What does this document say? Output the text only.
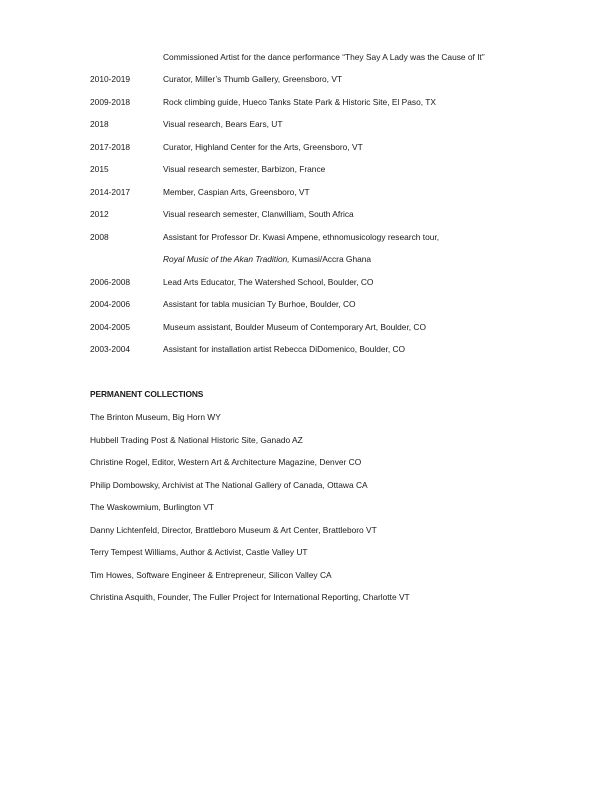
Commissioned Artist for the dance performance “They Say A Lady was the Cause of It”
2010-2019	Curator, Miller’s Thumb Gallery, Greensboro, VT
2009-2018	Rock climbing guide, Hueco Tanks State Park & Historic Site, El Paso, TX
2018	Visual research, Bears Ears, UT
2017-2018	Curator, Highland Center for the Arts, Greensboro, VT
2015	Visual research semester, Barbizon, France
2014-2017	Member, Caspian Arts, Greensboro, VT
2012	Visual research semester, Clanwilliam, South Africa
2008	Assistant for Professor Dr. Kwasi Ampene, ethnomusicology research tour,
Royal Music of the Akan Tradition, Kumasi/Accra Ghana
2006-2008	Lead Arts Educator, The Watershed School, Boulder, CO
2004-2006	Assistant for tabla musician Ty Burhoe, Boulder, CO
2004-2005	Museum assistant, Boulder Museum of Contemporary Art, Boulder, CO
2003-2004	Assistant for installation artist Rebecca DiDomenico, Boulder, CO
PERMANENT COLLECTIONS
The Brinton Museum, Big Horn WY
Hubbell Trading Post & National Historic Site, Ganado AZ
Christine Rogel, Editor, Western Art & Architecture Magazine, Denver CO
Philip Dombowsky, Archivist at The National Gallery of Canada, Ottawa CA
The Waskowmium, Burlington VT
Danny Lichtenfeld, Director, Brattleboro Museum & Art Center, Brattleboro VT
Terry Tempest Williams, Author & Activist, Castle Valley UT
Tim Howes, Software Engineer & Entrepreneur, Silicon Valley CA
Christina Asquith, Founder, The Fuller Project for International Reporting, Charlotte VT
